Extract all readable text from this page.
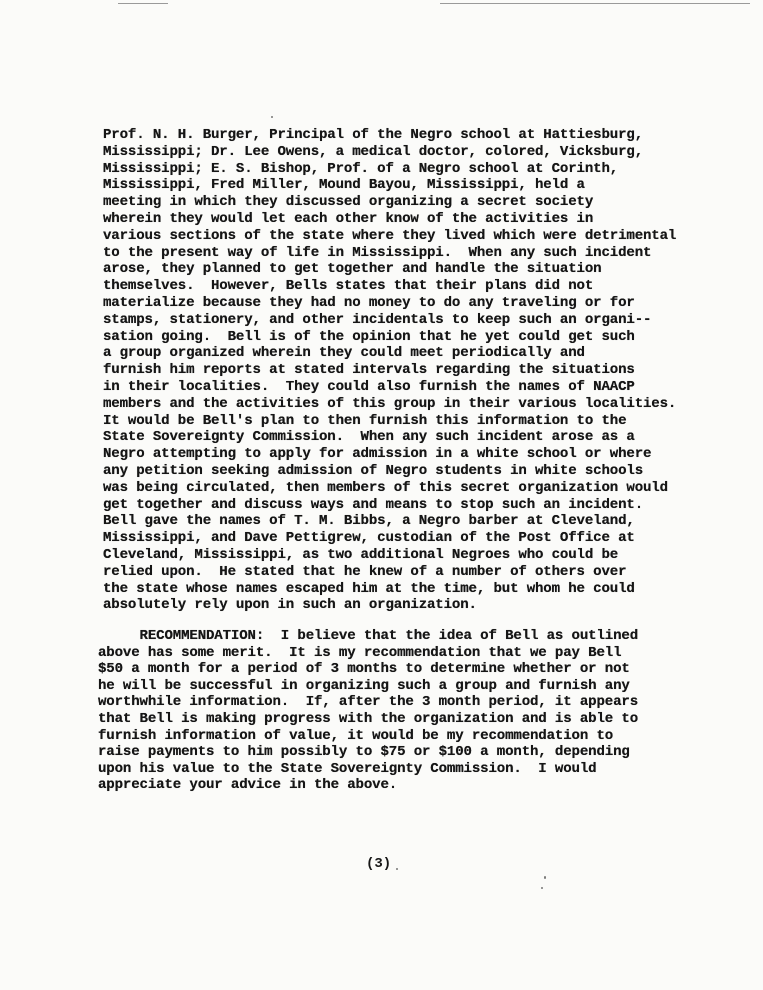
Prof. N. H. Burger, Principal of the Negro school at Hattiesburg,
Mississippi; Dr. Lee Owens, a medical doctor, colored, Vicksburg,
Mississippi; E. S. Bishop, Prof. of a Negro school at Corinth,
Mississippi, Fred Miller, Mound Bayou, Mississippi, held a
meeting in which they discussed organizing a secret society
wherein they would let each other know of the activities in
various sections of the state where they lived which were detrimental
to the present way of life in Mississippi.  When any such incident
arose, they planned to get together and handle the situation
themselves.  However, Bells states that their plans did not
materialize because they had no money to do any traveling or for
stamps, stationery, and other incidentals to keep such an organi--
sation going.  Bell is of the opinion that he yet could get such
a group organized wherein they could meet periodically and
furnish him reports at stated intervals regarding the situations
in their localities.  They could also furnish the names of NAACP
members and the activities of this group in their various localities.
It would be Bell's plan to then furnish this information to the
State Sovereignty Commission.  When any such incident arose as a
Negro attempting to apply for admission in a white school or where
any petition seeking admission of Negro students in white schools
was being circulated, then members of this secret organization would
get together and discuss ways and means to stop such an incident.
Bell gave the names of T. M. Bibbs, a Negro barber at Cleveland,
Mississippi, and Dave Pettigrew, custodian of the Post Office at
Cleveland, Mississippi, as two additional Negroes who could be
relied upon.  He stated that he knew of a number of others over
the state whose names escaped him at the time, but whom he could
absolutely rely upon in such an organization.
RECOMMENDATION:  I believe that the idea of Bell as outlined
above has some merit.  It is my recommendation that we pay Bell
$50 a month for a period of 3 months to determine whether or not
he will be successful in organizing such a group and furnish any
worthwhile information.  If, after the 3 month period, it appears
that Bell is making progress with the organization and is able to
furnish information of value, it would be my recommendation to
raise payments to him possibly to $75 or $100 a month, depending
upon his value to the State Sovereignty Commission.  I would
appreciate your advice in the above.
(3)
